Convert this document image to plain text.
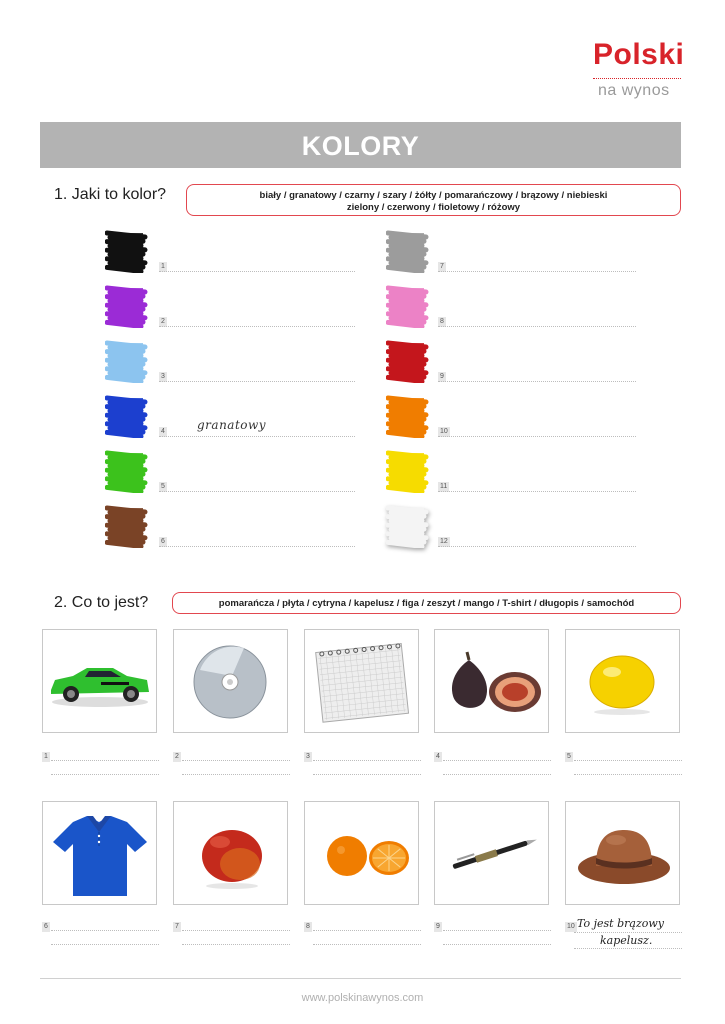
Polski
na wynos
KOLORY
1. Jaki to kolor?	biały / granatowy / czarny / szary / żółty / pomarańczowy / brązowy / niebieski
zielony / czerwony / fioletowy / różowy
1
2
3
4	granatowy
5
6
7
8
9
10
11
12
2. Co to jest?	pomarańcza / płyta / cytryna / kapelusz / figa / zeszyt / mango / T-shirt / długopis / samochód
1	2	3	4	5
6	7	8	9	10 To jest brązowy
kapelusz.
www.polskinawynos.com
